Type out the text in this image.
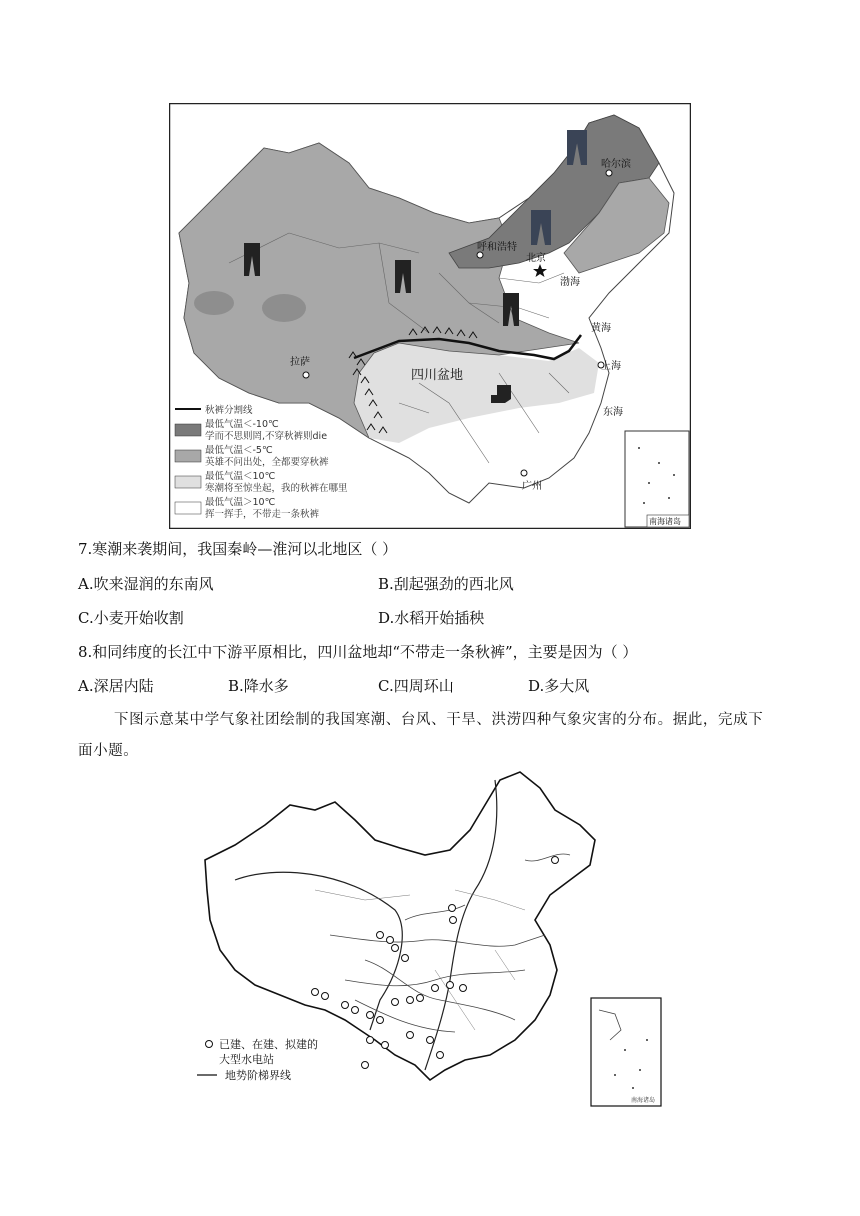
哈尔滨
呼和浩特
北京
拉萨	上海
广州
渤海
黄海
东海
四川盆地
南海诸岛
秋裤分割线
最低气温＜-10℃
学而不思则罔,不穿秋裤则die
最低气温＜-5℃
英雄不问出处，全都要穿秋裤
最低气温＜10℃
寒潮将至惊坐起，我的秋裤在哪里
最低气温＞10℃
挥一挥手，不带走一条秋裤
7.寒潮来袭期间，我国秦岭—淮河以北地区（ ）
A.吹来湿润的东南风	B.刮起强劲的西北风
C.小麦开始收割	D.水稻开始插秧
8.和同纬度的长江中下游平原相比，四川盆地却“不带走一条秋裤”，主要是因为（ ）
A.深居内陆	B.降水多	C.四周环山	D.多大风
下图示意某中学气象社团绘制的我国寒潮、台风、干旱、洪涝四种气象灾害的分布。据此，完成下面小题。
已建、在建、拟建的
大型水电站
地势阶梯界线
南海诸岛
